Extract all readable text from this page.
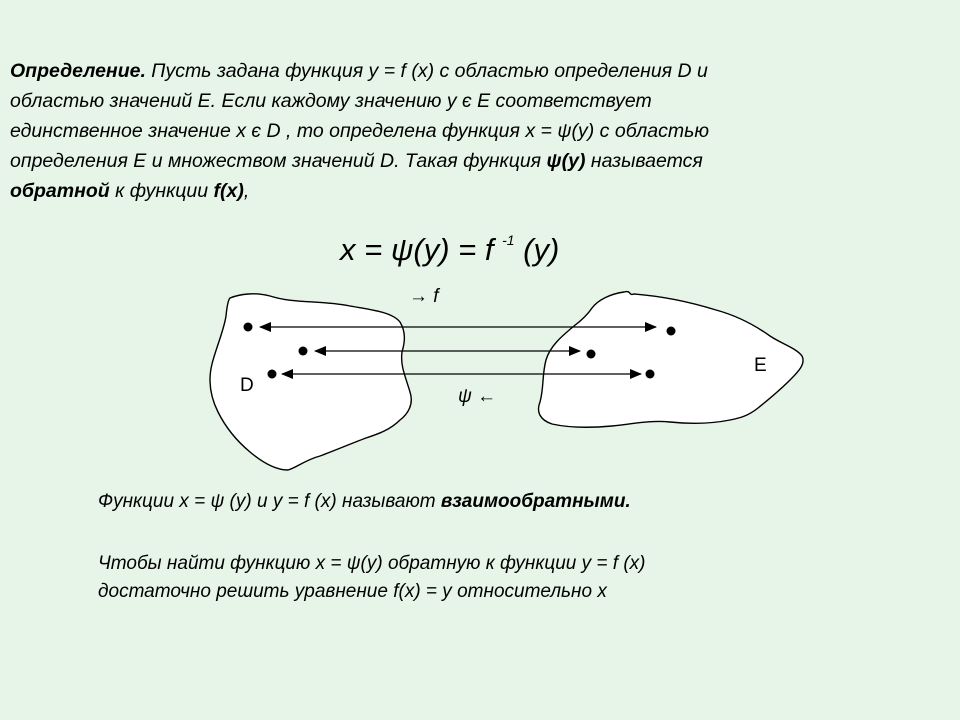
Определение. Пусть задана функция y = f (x) с областью определения D и
областью значений E. Если каждому значению y є E соответствует
единственное значение x є D , то определена функция x = ψ(y) с областью
определения E и множеством значений D. Такая функция ψ(y) называется
обратной к функции f(x),
x = ψ(y) = f $^{-1}$ (y)
→ f
ψ ←
D
E
Функции x = ψ (y) и y = f (x) называют взаимообратными.
Чтобы найти функцию x = ψ(y) обратную к функции y = f (x)
достаточно решить уравнение f(x) = y относительно x
